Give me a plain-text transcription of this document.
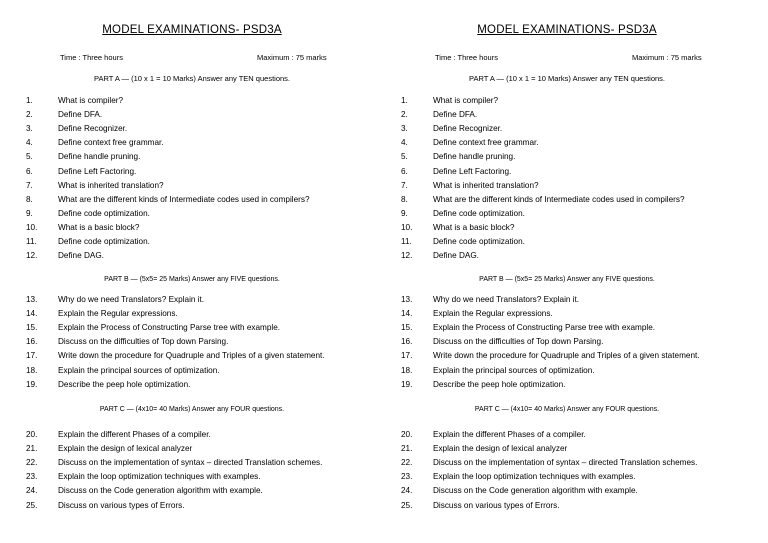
MODEL EXAMINATIONS- PSD3A
Time : Three hours	Maximum : 75 marks
PART A — (10 x 1 = 10 Marks) Answer any TEN questions.
1.	What is compiler?
2.	Define DFA.
3.	Define Recognizer.
4.	Define context free grammar.
5.	Define handle pruning.
6.	Define Left Factoring.
7.	What is inherited translation?
8.	What are the different kinds of Intermediate codes used in compilers?
9.	Define code optimization.
10.	What is a basic block?
11.	Define code optimization.
12.	Define DAG.
PART B — (5x5= 25 Marks) Answer any FIVE questions.
13.	Why do we need Translators? Explain it.
14.	Explain the Regular expressions.
15.	Explain the Process of Constructing Parse tree with example.
16.	Discuss on the difficulties of Top down Parsing.
17.	Write down the procedure for Quadruple and Triples of a given statement.
18.	Explain the principal sources of optimization.
19.	Describe the peep hole optimization.
PART C — (4x10= 40 Marks) Answer any FOUR questions.
20.	Explain the different Phases of a compiler.
21.	Explain the design of lexical analyzer
22.	Discuss on the implementation of syntax – directed Translation schemes.
23.	Explain the loop optimization techniques with examples.
24.	Discuss on the Code generation algorithm with example.
25.	Discuss on various types of Errors.
MODEL EXAMINATIONS- PSD3A
Time : Three hours	Maximum : 75 marks
PART A — (10 x 1 = 10 Marks) Answer any TEN questions.
1.	What is compiler?
2.	Define DFA.
3.	Define Recognizer.
4.	Define context free grammar.
5.	Define handle pruning.
6.	Define Left Factoring.
7.	What is inherited translation?
8.	What are the different kinds of Intermediate codes used in compilers?
9.	Define code optimization.
10.	What is a basic block?
11.	Define code optimization.
12.	Define DAG.
PART B — (5x5= 25 Marks) Answer any FIVE questions.
13.	Why do we need Translators? Explain it.
14.	Explain the Regular expressions.
15.	Explain the Process of Constructing Parse tree with example.
16.	Discuss on the difficulties of Top down Parsing.
17.	Write down the procedure for Quadruple and Triples of a given statement.
18.	Explain the principal sources of optimization.
19.	Describe the peep hole optimization.
PART C — (4x10= 40 Marks) Answer any FOUR questions.
20.	Explain the different Phases of a compiler.
21.	Explain the design of lexical analyzer
22.	Discuss on the implementation of syntax – directed Translation schemes.
23.	Explain the loop optimization techniques with examples.
24.	Discuss on the Code generation algorithm with example.
25.	Discuss on various types of Errors.
